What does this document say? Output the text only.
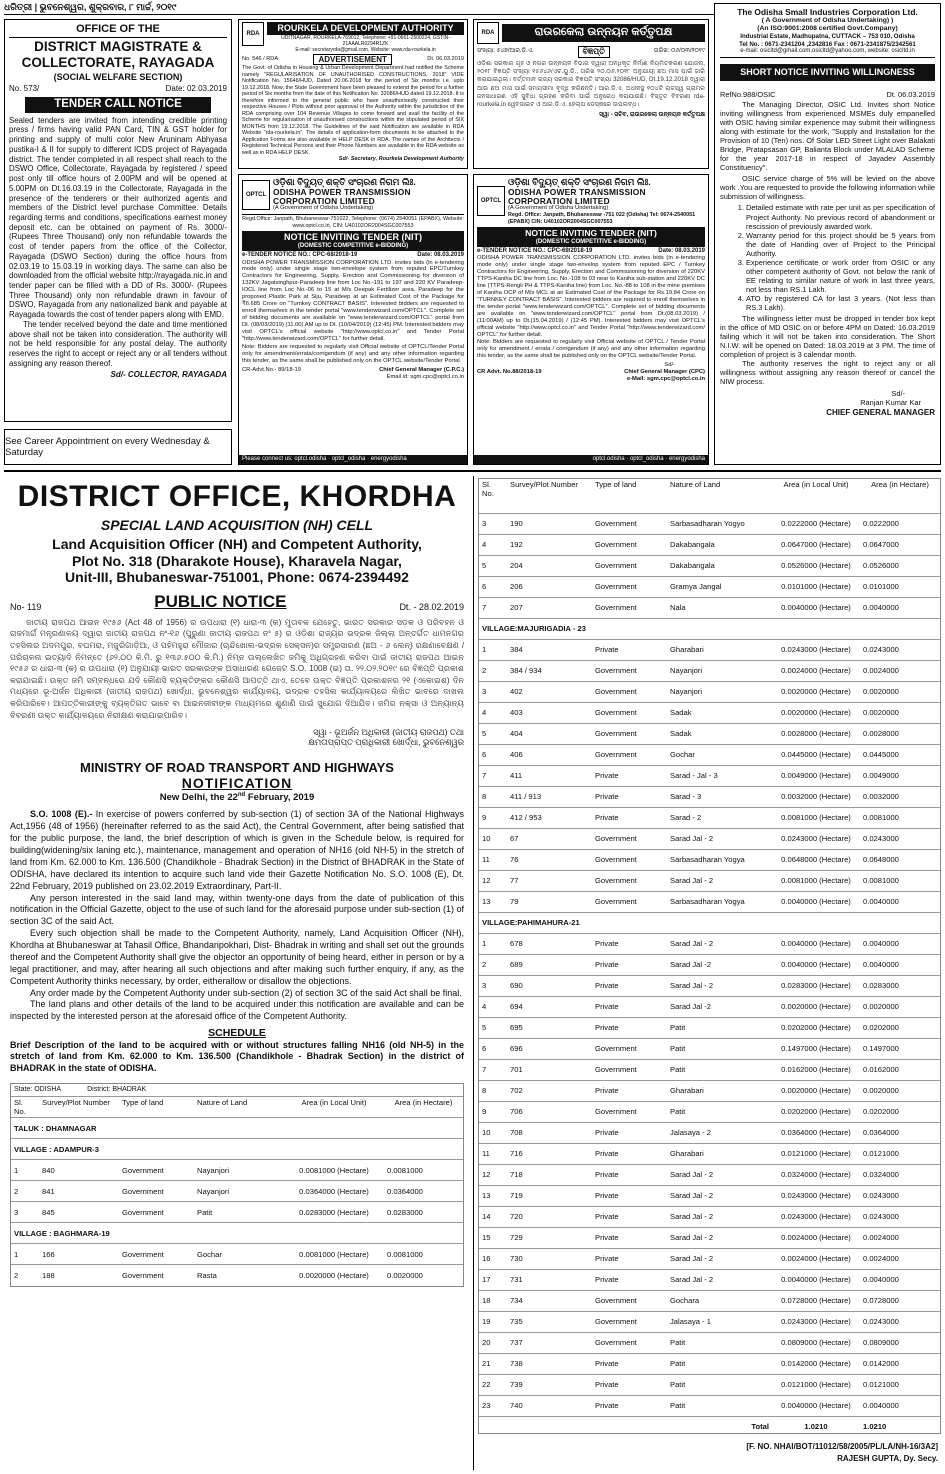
ଧରିତ୍ରୀ | ଭୁବନେଶ୍ୱର, ଶୁକ୍ରବାର, ୮ ମାର୍ଚ୍ଚ, ୨୦୧୯
OFFICE OF THE
DISTRICT MAGISTRATE &
COLLECTORATE, RAYAGADA
(SOCIAL WELFARE SECTION)
No. 573/	Date: 02.03.2019
TENDER CALL NOTICE
Sealed tenders are invited from intending credible printing press / firms having valid PAN Card, TIN & GST holder for printing and supply of multi color New Aruninam Abhyasa pustika-I & II for supply to different ICDS project of Rayagada district. The tender completed in all respect shall reach to the DSWO Office, Collectorate, Rayagada by registered / speed post only till office hours of 2.00PM and will be opened at 5.00PM on Dt.16.03.19 in the Collectorate, Rayagada in the presence of the tenderers or their authorized agents and members of the District level purchase Committee. Details regarding terms and conditions, specifications earnest money deposit etc. can be obtained on payment of Rs. 3000/- (Rupees Three Thousand) only non refundable towards the cost of tender papers from the office of the Collector, Rayagada (DSWO Section) during the office hours from 02.03.19 to 15.03.19 in working days. The same can also be downloaded from the official website http://rayagada.nic.in and tender paper can be filled with a DD of Rs. 3000/- (Rupees Three Thousand) only non refundable drawn in favour of DSWO, Rayagada from any nationalized bank and payable at Rayagada towards the cost of tender papers along with EMD.
The tender received beyond the date and time mentioned above shall not be taken into consideration. The authority will not be held responsible for any postal delay. The authority reserves the right to accept or reject any or all tenders without assigning any reason thereof.
Sd/- COLLECTOR, RAYAGADA
See Career Appointment on every Wednesday & Saturday
RDA
ROURKELA DEVELOPMENT AUTHORITY
UDITNAGAR, ROURKELA-769012, Telephone: +91-0661-2500224, GSTIN- 21AAALR0294R1ZK
E-mail: secretaryrda@gmail.com, Website: www.rda-rourkela.in
No. 546 / RDA	ADVERTISEMENT	Dt. 06.03.2019
The Govt. of Odisha in Housing & Urban Development Department had notified the Scheme namely "REGULARISATION OF UNAUTHORISED CONSTRUCTIONS, 2018" VIDE Notification No. 15646/HUD, Dated 20.06.2018 for the period of Six months i.e. upto 19.12.2018. Now, the State Government have been pleased to extend the period for a further period of Six months from the date of this Notification No. 32086/HUD dated 19.12.2018. It is therefore informed to the general public who have unauthorisedly constructed their respective Houses / Plots without prior approval of the Authority within the jurisdiction of the RDA comprising over 104 Revenue Villages to come forward and avail the facility of the Scheme for regularisation of unauthorised constructions within the stipulated period of SIX MONTHS from 19.12.2018. The Guidelines of the said Notification are available in RDA Website "rda-rourkela.in". The details of application-form documents to be attached to the Application Forms are also available in HELP DESK in RDA. The names of the Architects / Registered Technical Persons and their Phone Numbers are available in the RDA website as well as in RDA HELP DESK.
Sd/- Secretary, Rourkela Development Authority
RDA	ରାଉରକେଲା ଉନ୍ନୟନ କର୍ତ୍ତୃପକ୍ଷ
ସଂଖ୍ୟା: ୫୪୭/ଆର.ଡି.ଏ.	ବିଜ୍ଞପ୍ତି	ତାରିଖ: ୦୬/୦୩/୨୦୧୯
ଓଡ଼ିଶା ସରକାର ଗୃହ ଓ ନଗର ଉନ୍ନୟନ ବିଭାଗ ଦ୍ୱାରା ଅନଧିକୃତ ନିର୍ମାଣ ନିୟମିତକରଣ ଯୋଜନା, ୨୦୧୮ ବିଜ୍ଞପ୍ତି ସଂଖ୍ୟା ୧୫୬୪୬/ଏଚ.ୟୁ.ଡି., ତାରିଖ ୨୦.୦୬.୨୦୧୮ ଅନୁଯାୟୀ ଛଅ ମାସ ପାଇଁ ଜାରି କରାଯାଇଥିଲା। ବର୍ତ୍ତମାନ ରାଜ୍ୟ ସରକାର ବିଜ୍ଞପ୍ତି ସଂଖ୍ୟା 32086/HUD, Dt.19.12.2018 ଦ୍ୱାରା ଆଉ ଛଅ ମାସ ପାଇଁ ସମୟସୀମା ବୃଦ୍ଧି କରିଛନ୍ତି। ଆର.ଡି.ଏ. ଅଧୀନସ୍ଥ ୧୦୪ଟି ରାଜସ୍ୱ ଗ୍ରାମର ଜନସାଧାରଣ ଏହି ସୁବିଧା ଗ୍ରହଣ କରିବା ପାଇଁ ଅନୁରୋଧ କରାଯାଉଛି। ବିସ୍ତୃତ ବିବରଣୀ rda-rourkela.in ୱେବସାଇଟ ଓ ଆର.ଡି.ଏ. ହେଲ୍ପ ଡେସ୍କରେ ଉପଲବ୍ଧ।
ସ୍ୱା - ସଚିବ, ରାଉରକେଲା ଉନ୍ନୟନ କର୍ତ୍ତୃପକ୍ଷ
The Odisha Small Industries Corporation Ltd.
( A Government of Odisha Undertaking) )
(An ISO:9001:2008 certified Govt.Company)
Industrial Estate, Madhupatna, CUTTACK – 753 010, Odisha
Tel No. : 0671-2341204 ,2342816 Fax : 0671-2341875/2342561
e-mail: osicltd@gmail.com,osicltd@yahoo.com, website: osicltd.in
SHORT NOTICE INVITING WILLINGNESS
RefNo.988/OSIC	Dt. 06.03.2019
The Managing Director, OSIC Ltd. Invites short Notice inviting willingness from experienced MSMEs duly empanelled with OSIC having similar experience may submit their willingness along with estimate for the work, "Supply and Installation for the Provision of 10 (Ten) nos. Of Solar LED Street Light over Balakati Bridge, Pratapsasan GP, Balianta Block under MLALAD Scheme for the year 2017-18 in respect of Jayadev Assembly Constituency".
OSIC service charge of 5% will be levied on the above work .You are requested to provide the following information while submission of willingness.
1. Detailed estimate with rate per unit as per specification of Project Authority. No previous record of abandonment or rescission of previously awarded work.
2. Warranty period for this project should be 5 years from the date of Handing over of Project to the Principal Authority.
3. Experience certificate or work order from OSIC or any other competent authority of Govt. not below the rank of EE relating to similar nature of work in last three years, not less than RS.1 Lakh.
4. ATO by registered CA for last 3 years. (Not less than RS.3 Lakh).
The willingness letter must be dropped in tender box kept in the office of MD OSIC on or before 4PM on Dated: 16.03.2019 failing which it will not be taken into consideration. The Short N.I.W. will be opened on Dated: 18.03.2019 at 3 PM. The time of completion of project is 3 calendar month.
The authority reserves the right to reject any or all willingness without assigning any reason thereof or cancel the NIW process.
Sd/-
Ranjan Kumar Kar
CHIEF GENERAL MANAGER
OPTCL
ଓଡ଼ିଶା ବିଦ୍ୟୁତ୍ ଶକ୍ତି ସଂଚାରଣ ନିଗମ ଲିଃ.
ODISHA POWER TRANSMISSION CORPORATION LIMITED
(A Government of Odisha Undertaking)
Regd.Office: Janpath, Bhubaneswar-751022, Telephone: (0674) 2540051 (EPABX), Website: www.optcl.co.in, CIN: U40102OR2004SGC007553
NOTICE INVITING TENDER (NIT)
(DOMESTIC COMPETITIVE e-BIDDING)
e-TENDER NOTICE NO.: CPC-68/2018-19	Date: 08.03.2019
ODISHA POWER TRANSMISSION CORPORATION LTD. invites bids (in e-tendering mode only) under single stage two-envelope system from reputed EPC/Turnkey Contractors for Engineering, Supply, Erection and Commissioning for diversion of 132KV Jagatsinghpur-Paradeep line from Loc No.-191 to 197 and 220 KV Paradeep-IOCL line from Loc No.-06 to 15 at M/s Deepak Fertilizer area, Paradeep for the proposed Plastic Park at Siju, Paradeep at an Estimated Cost of the Package for ₹6.685 Crore on "Turnkey CONTRACT BASIS". Interested bidders are requested to enroll themselves in the tender portal "www.tenderwizard.com/OPTCL". Complete set of bidding documents are available on "www.tenderwizard.com/OPTCL" portal from Dt. (08/03/2019) (11.00) AM up to Dt. (10/04/2019) (12:45) PM. Interested bidders may visit OPTCL's official website "http://www.optcl.co.in" and Tender Portal "http://www.tenderwizard.com/OPTCL" for further detail.
Note: Bidders are requested to regularly visit Official website of OPTCL/Tender Portal only for amendment/errata/corrigendum (if any) and any other information regarding this tender, as the same shall be published only on the OPTCL website/Tender Portal.
CR-Advt.No.- 89/18-19	Chief General Manager (C.P.C.)
Email id: sgm.cpc@optcl.co.in
Please connect us: optcl.odisha · optcl_odisha · energyodisha
OPTCL
ଓଡ଼ିଶା ବିଦ୍ୟୁତ୍ ଶକ୍ତି ସଂଚାରଣ ନିଗମ ଲିଃ.
ODISHA POWER TRANSMISSION CORPORATION LIMITED
(A Government of Odisha Undertaking)
Regd. Office: Janpath, Bhubaneswar -751 022 (Odisha) Tel: 0674-2540051 (EPABX) CIN: U40102OR2004SGC007553
NOTICE INVITING TENDER (NIT)
(DOMESTIC COMPETITIVE e-BIDDING)
e-TENDER NOTICE NO.: CPC-69/2018-19	Date: 08.03.2019
ODISHA POWER TRANSMISSION CORPORATION LTD. invites bids (in e-tendering mode only) under single stage two-envelop system from reputed EPC / Turnkey Contractors for Engineering, Supply, Erection and Commissioning for diversion of 220KV TTPS-Kaniha DC line from Loc. No.-108 to 03 near to Kaniha sub-station and 220KV DC line (TTPS-Rengli PH & TTPS-Kaniha line) from Loc. No.-88 to 108 in the mine premises of Kaniha OCP of M/s MCL at an Estimated Cost of the Package for Rs.19.84 Crore on "TURNKEY CONTRACT BASIS". Interested bidders are required to enroll themselves in the tender portal "www.tenderwizard.com/OPTCL". Complete set of bidding documents are available on "www.tenderwizard.com/OPTCL" portal from Dt.(08.03.2019) / (11:00AM) up to Dt.(15.04.2019) / (12:45 PM). Interested bidders may visit OPTCL's official website "http://www.optcl.co.in" and Tender Portal "http://www.tenderwizard.com/ OPTCL" for further detail.
Note: Bidders are requested to regularly visit Official website of OPTCL / Tender Portal only for amendment / errata / corrigendum (if any) and any other information regarding this tender, as the same shall be published only on the OPTCL website/Tender Portal.
Sd/-
CR Advt. No.88/2018-19	Chief General Manager (CPC)
e-Mail: sgm.cpc@optcl.co.in
optcl.odisha · optcl_odisha · energyodisha
DISTRICT OFFICE, KHORDHA
SPECIAL LAND ACQUISITION (NH) CELL
Land Acquisition Officer (NH) and Competent Authority,
Plot No. 318 (Dharakote House), Kharavela Nagar,
Unit-III, Bhubaneswar-751001, Phone: 0674-2394492
No- 119	PUBLIC NOTICE	Dt. - 28.02.2019
ଜାତୀୟ ରାଜପଥ ଆଇନ ୧୯୫୬ (Act 48 of 1956) ର ଉପଧାରା (୧) ଧାରା-୩ (କ) ମୁତାବକ ଯେହେତୁ, ଭାରତ ସରକାର ସଡ଼କ ଓ ପରିବହନ ଓ ରାଜମାର୍ଗ ମନ୍ତ୍ରଣାଳୟ ଦ୍ୱାରା ଜାତୀୟ ରାଜପଥ ନଂ-୧୬ (ପୁରୁଣା ଜାତୀୟ ରାଜପଥ ନଂ ୫) ର ଓଡ଼ିଶା ରାଜ୍ୟର ଭଦ୍ରକ ଜିଲ୍ଲା ଅନ୍ତର୍ଗତ ଧାମନଗର ତହସିଲର ଅଦମପୁର, ବଘମରା, ମଜୁରିଗାଡ଼ିଆ, ଓ ପହିମହୁରା ମୌଜାର (ଚାନ୍ଦିଖୋଲ-ଭଦ୍ରକ ସେକ୍ସନ)ର ସମ୍ପ୍ରସାରଣ (ଛଅ - ୬ ଲେନ୍) ରକ୍ଷଣାବେକ୍ଷଣ / ପରିଚାଳନା ଇତ୍ୟାଦି ନିମନ୍ତେ (୬୨.୦୦ କି.ମି. ରୁ ୧୩୬.୫୦୦ କି.ମି.) ନିମ୍ନ ଉଲ୍ଲେଖିତ ଜମିକୁ ଅଧିଗ୍ରହଣ କରିବା ପାଇଁ ଜାତୀୟ ରାଜପଥ ଆଇନ ୧୯୫୬ ର ଧାରା-୩ (କ) ର ଉପଧାରା (୧) ଅନୁଯାୟୀ ଭାରତ ସରକାରଙ୍କ ଅସାଧାରଣ ଗେଜେଟ S.O. 1008 (ଇ) ତା. ୨୨.୦୨.୨୦୧୯ ରେ ବିଜ୍ଞପ୍ତି ପ୍ରକାଶ କରାଯାଇଛି। ଉକ୍ତ ଜମି ସମ୍ବନ୍ଧରେ ଯଦି କୌଣସି ବ୍ୟକ୍ତିଙ୍କର କୌଣସି ଆପତ୍ତି ଥାଏ, ତେବେ ଉକ୍ତ ବିଜ୍ଞପ୍ତି ପ୍ରକାଶନର ୨୧ (ଏକୋଇଶ) ଦିନ ମଧ୍ୟରେ ଭୂ-ଅର୍ଜନ ଅଧିକାରୀ (ଜାତୀୟ ରାଜପଥ) ଖୋର୍ଦ୍ଧା, ଭୁବନେଶ୍ୱର କାର୍ଯ୍ୟାଳୟ, ଭଦ୍ରକ ତହସିଲ କାର୍ଯ୍ୟାଳୟରେ ଲିଖିତ ଭାବରେ ଦାଖଲ କରିପାରିବେ। ଆପତ୍ତିକାରୀଙ୍କୁ ବ୍ୟକ୍ତିଗତ ଭାବେ ବା ଆଇନଜୀବୀଙ୍କ ମାଧ୍ୟମରେ ଶୁଣାଣି ପାଇଁ ସୁଯୋଗ ଦିଆଯିବ। ଜମିର ନକ୍ସା ଓ ଅନ୍ୟାନ୍ୟ ବିବରଣୀ ଉକ୍ତ କାର୍ଯ୍ୟାଳୟରେ ନିରୀକ୍ଷଣ କରାଯାଇପାରିବ।
ସ୍ୱା - ଭୂଅର୍ଜନ ଅଧିକାରୀ (ଜାତୀୟ ରାଜପଥ) ତଥା
କ୍ଷମତାପ୍ରାପ୍ତ ପ୍ରାଧିକାରୀ ଖୋର୍ଦ୍ଧା, ଭୁବନେଶ୍ୱର
MINISTRY OF ROAD TRANSPORT AND HIGHWAYS
NOTIFICATION
New Delhi, the 22nd February, 2019
S.O. 1008 (E).- In exercise of powers conferred by sub-section (1) of section 3A of the National Highways Act,1956 (48 of 1956) (hereinafter referred to as the said Act), the Central Government, after being satisfied that for the public purpose, the land, the brief description of which is given in the Schedule below, is required for building(widening/six laning etc.), maintenance, management and operation of NH16 (old NH-5) in the stretch of land from Km. 62.000 to Km. 136.500 (Chandikhole - Bhadrak Section) in the District of BHADRAK in the State of ODISHA, have declared its intention to acquire such land vide their Gazette Notification No. S.O. 1008 (E), Dt. 22nd February, 2019 published on 23.02.2019 Extraordinary, Part-II.
Any person interested in the said land may, within twenty-one days from the date of publication of this notification in the Official Gazette, object to the use of such land for the aforesaid purpose under sub-section (1) of section 3C of the said Act.
Every such objection shall be made to the Competent Authority, namely, Land Acquisition Officer (NH), Khordha at Bhubaneswar at Tahasil Office, Bhandaripokhari, Dist- Bhadrak in writing and shall set out the grounds thereof and the Competent Authority shall give the objector an opportunity of being heard, either in person or by a legal practitioner, and may, after hearing all such objections and after making such further enquiry, if any, as the Competent Authority thinks necessary, by order, eitherallow or disallow the objections.
Any order made by the Competent Authority under sub-section (2) of section 3C of the said Act shall be final.
The land plans and other details of the land to be acquired under this notification are available and can be inspected by the interested person at the aforesaid office of the Competent Authority.
SCHEDULE
Brief Description of the land to be acquired with or without structures falling NH16 (old NH-5) in the stretch of land from Km. 62.000 to Km. 136.500 (Chandikhole - Bhadrak Section) in the district of BHADRAK in the state of ODISHA.
State: ODISHA	District: BHADRAK
Sl. No.	Survey/Plot Number	Type of land	Nature of Land	Area (in Local Unit)	Area (in Hectare)
TALUK : DHAMNAGAR					
VILLAGE : ADAMPUR-3					
1	840	Government	Nayanjori	0.0081000 (Hectare)	0.0081000
2	841	Government	Nayanjori	0.0364000 (Hectare)	0.0364000
3	845	Government	Patit	0.0283000 (Hectare)	0.0283000
VILLAGE : BAGHMARA-19					
1	166	Government	Gochar	0.0081000 (Hectare)	0.0081000
2	188	Government	Rasta	0.0020000 (Hectare)	0.0020000
Sl. No.	Survey/Plot Number	Type of land	Nature of Land	Area (in Local Unit)	Area (in Hectare)
3	190	Government	Sarbasadharan Yogyo	0.0222000 (Hectare)	0.0222000
4	192	Government	Dakabangala	0.0647000 (Hectare)	0.0647000
5	204	Government	Dakabangala	0.0526000 (Hectare)	0.0526000
6	206	Government	Gramya Jangal	0.0101000 (Hectare)	0.0101000
7	207	Government	Nala	0.0040000 (Hectare)	0.0040000
VILLAGE:MAJURIGADIA - 23					
1	384	Private	Gharabari	0.0243000 (Hectare)	0.0243000
2	384 / 934	Government	Nayanjori	0.0024000 (Hectare)	0.0024000
3	402	Government	Nayanjori	0.0020000 (Hectare)	0.0020000
4	403	Government	Sadak	0.0020000 (Hectare)	0.0020000
5	404	Government	Sadak	0.0028000 (Hectare)	0.0028000
6	406	Government	Gochar	0.0445000 (Hectare)	0.0445000
7	411	Private	Sarad - Jal - 3	0.0049000 (Hectare)	0.0049000
8	411 / 913	Private	Sarad - 3	0.0032000 (Hectare)	0.0032000
9	412 / 953	Private	Sarad - 2	0.0081000 (Hectare)	0.0081000
10	67	Government	Sarad Jal - 2	0.0243000 (Hectare)	0.0243000
11	76	Government	Sarbasadharan Yogya	0.0648000 (Hectare)	0.0648000
12	77	Government	Sarad Jal - 2	0.0081000 (Hectare)	0.0081000
13	79	Government	Sarbasadharan Yogya	0.0040000 (Hectare)	0.0040000
VILLAGE:PAHIMAHURA-21					
1	678	Private	Sarad Jal - 2	0.0040000 (Hectare)	0.0040000
2	689	Private	Sarad Jal -2	0.0040000 (Hectare)	0.0040000
3	690	Private	Sarad Jal - 2	0.0283000 (Hectare)	0.0283000
4	694	Private	Sarad Jal -2	0.0020000 (Hectare)	0.0020000
5	695	Private	Patit	0.0202000 (Hectare)	0.0202000
6	696	Government	Patit	0.1497000 (Hectare)	0.1497000
7	701	Government	Patit	0.0162000 (Hectare)	0.0162000
8	702	Private	Gharabari	0.0020000 (Hectare)	0.0020000
9	706	Government	Patit	0.0202000 (Hectare)	0.0202000
10	708	Private	Jalasaya - 2	0.0364000 (Hectare)	0.0364000
11	716	Private	Gharabari	0.0121000 (Hectare)	0.0121000
12	718	Private	Sarad Jal - 2	0.0324000 (Hectare)	0.0324000
13	719	Private	Sarad Jal - 2	0.0243000 (Hectare)	0.0243000
14	720	Private	Sarad Jal - 2	0.0243000 (Hectare)	0.0243000
15	729	Private	Sarad Jal - 2	0.0024000 (Hectare)	0.0024000
16	730	Private	Sarad Jal - 2	0.0024000 (Hectare)	0.0024000
17	731	Private	Sarad Jal - 2	0.0040000 (Hectare)	0.0040000
18	734	Government	Gochara	0.0728000 (Hectare)	0.0728000
19	735	Government	Jalasaya - 1	0.0243000 (Hectare)	0.0243000
20	737	Government	Patit	0.0809000 (Hectare)	0.0809000
21	738	Private	Patit	0.0142000 (Hectare)	0.0142000
22	739	Private	Patit	0.0121000 (Hectare)	0.0121000
23	740	Private	Patit	0.0040000 (Hectare)	0.0040000
			Total	1.0210	1.0210
[F. NO. NHAI/BOT/11012/58/2005/PL/LA/NH-16/3A2]
RAJESH GUPTA, Dy. Secy.
